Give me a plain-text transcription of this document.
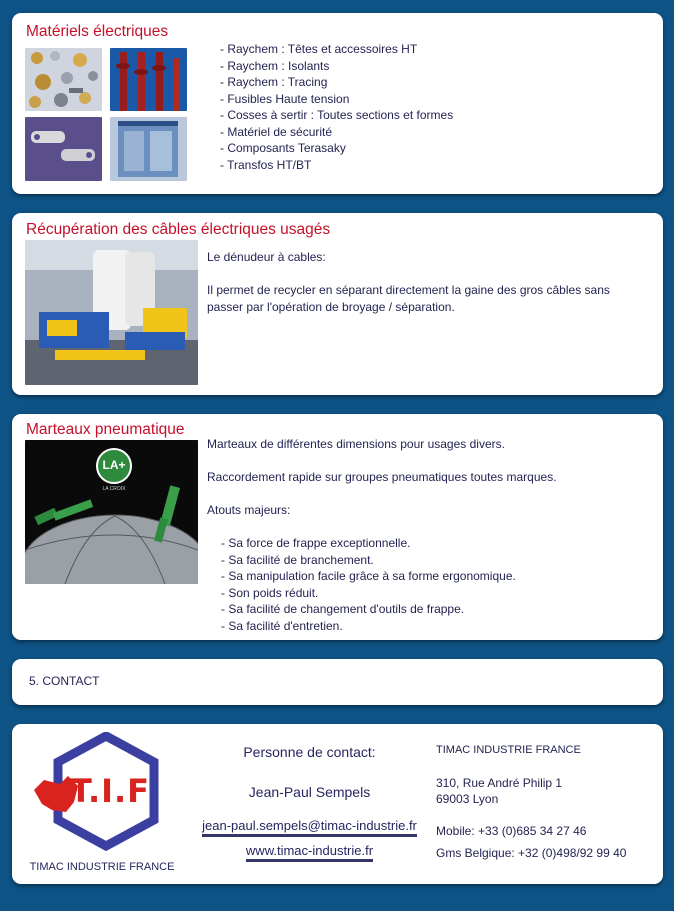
Matériels électriques
- Raychem : Têtes et accessoires HT
- Raychem : Isolants
- Raychem : Tracing
- Fusibles Haute tension
- Cosses à sertir : Toutes sections et formes
- Matériel de sécurité
- Composants Terasaky
- Transfos HT/BT
Récupération des câbles électriques usagés
Le dénudeur à cables:
Il permet de recycler en séparant directement la gaine des gros câbles sans passer par l'opération de broyage / séparation.
Marteaux pneumatique
LA+
LA CROIX
Marteaux de différentes dimensions pour usages divers.
Raccordement rapide sur groupes pneumatiques toutes marques.
Atouts majeurs:
- Sa force de frappe exceptionnelle.
- Sa facilité de branchement.
- Sa manipulation facile grâce à sa forme ergonomique.
- Son poids réduit.
- Sa facilité de changement d'outils de frappe.
- Sa facilité d'entretien.
5. CONTACT
T.I.F
TIMAC INDUSTRIE FRANCE
Personne de contact:
Jean-Paul Sempels
jean-paul.sempels@timac-industrie.fr
www.timac-industrie.fr
TIMAC INDUSTRIE FRANCE
310, Rue André Philip 1
69003 Lyon
Mobile: +33 (0)685 34 27 46
Gms Belgique: +32 (0)498/92 99 40
